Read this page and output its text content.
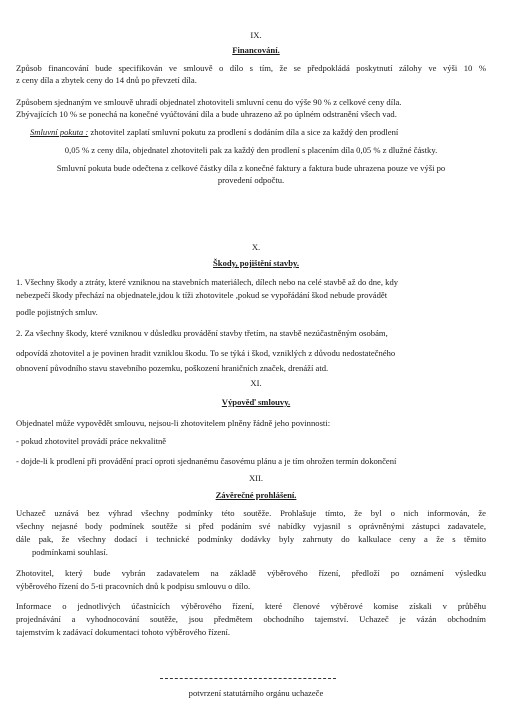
IX.
Financování.
Způsob financování bude specifikován ve smlouvě o dílo s tím, že se předpokládá poskytnutí zálohy ve výši 10 %
z ceny díla a zbytek ceny do 14 dnů po převzetí díla.
Způsobem sjednaným ve smlouvě uhradí objednatel zhotoviteli smluvní cenu do výše 90 % z celkové ceny díla.
Zbývajících 10 % se ponechá na konečné vyúčtování díla a bude uhrazeno až po úplném odstranění všech vad.
Smluvní pokuta : zhotovitel zaplatí smluvní pokutu za prodlení s dodáním díla a sice za každý den prodlení
0,05 % z ceny díla, objednatel zhotoviteli pak za každý den prodlení s placením díla 0,05 % z dlužné částky.
Smluvní pokuta bude odečtena z celkové částky díla z konečné faktury a faktura bude uhrazena pouze ve výši po
provedení odpočtu.
X.
Škody, pojištění stavby.
1. Všechny škody a ztráty, které vzniknou na stavebních materiálech, dílech nebo na celé stavbě až do dne, kdy
nebezpečí škody přechází na objednatele,jdou k tíži zhotovitele ,pokud se vypořádání škod nebude provádět
podle pojistných smluv.
2. Za všechny škody, které vzniknou v důsledku provádění stavby třetím, na stavbě nezúčastněným osobám,
odpovídá zhotovitel a je povinen hradit vzniklou škodu. To se týká i škod, vzniklých z důvodu nedostatečného
obnovení původního stavu stavebního pozemku, poškození hraničních značek, drenáží atd.
XI.
Výpověď smlouvy.
Objednatel může vypovědět smlouvu, nejsou-li zhotovitelem plněny řádně jeho povinnosti:
- pokud zhotovitel provádí práce nekvalitně
- dojde-li k prodlení při provádění prací oproti sjednanému časovému plánu a je tím ohrožen termín dokončení
XII.
Závěrečné prohlášení.
Uchazeč uznává bez výhrad všechny podmínky této soutěže. Prohlašuje tímto, že byl o nich informován, že
všechny nejasné body podmínek soutěže si před podáním své nabídky vyjasnil s oprávněnými zástupci zadavatele,
dále pak, že všechny dodací i technické podmínky dodávky byly zahrnuty do kalkulace ceny a že s těmito
podmínkami souhlasí.
Zhotovitel, který bude vybrán zadavatelem na základě výběrového řízení, předloží po oznámení výsledku
výběrového řízení do 5-ti pracovních dnů k podpisu smlouvu o dílo.
Informace o jednotlivých účastnících výběrového řízení, které členové výběrové komise získali v průběhu
projednávání a vyhodnocování soutěže, jsou předmětem obchodního tajemství. Uchazeč je vázán obchodním
tajemstvím k zadávací dokumentaci tohoto výběrového řízení.
potvrzení statutárního orgánu uchazeče
